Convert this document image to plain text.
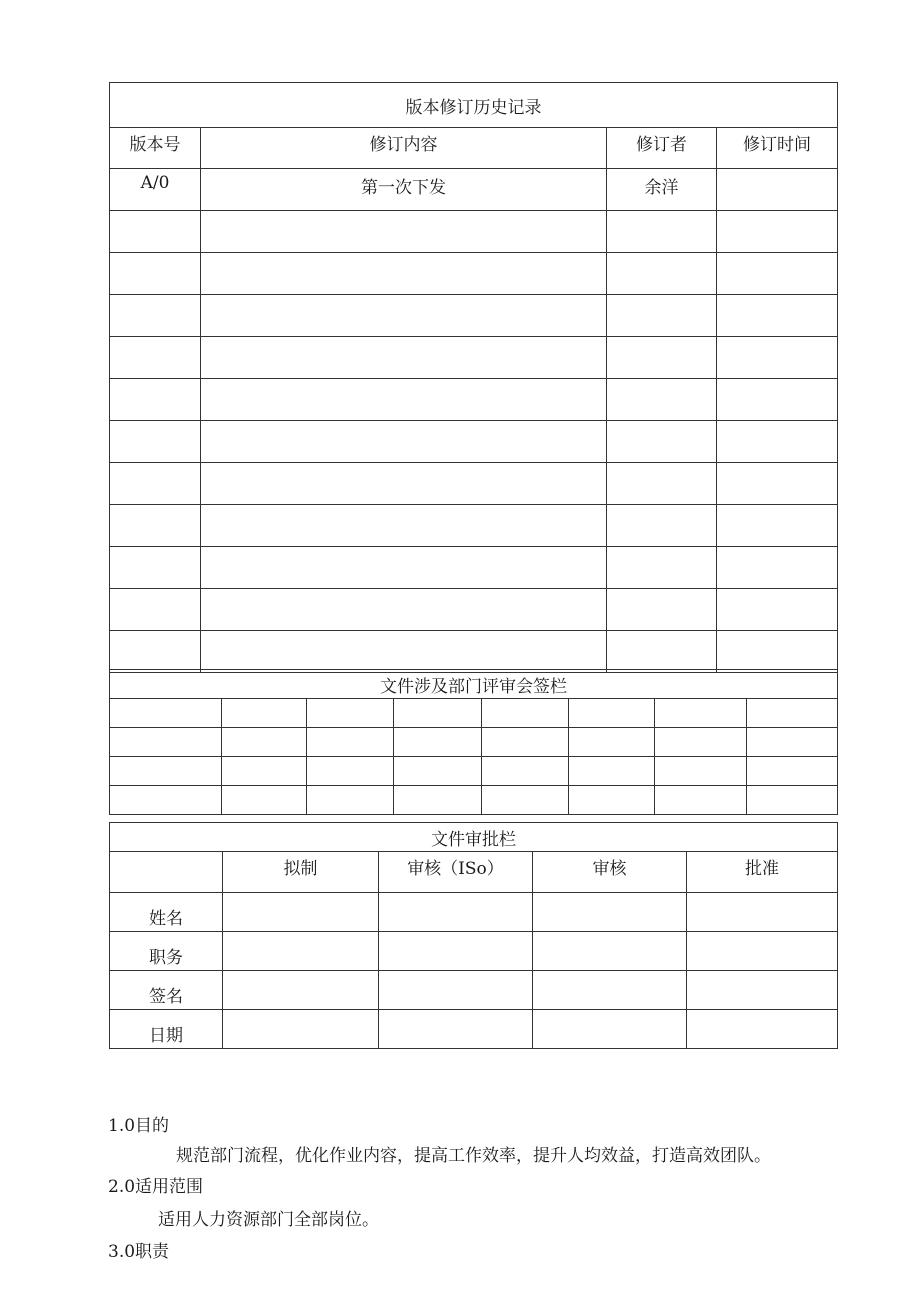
版本修订历史记录			
版本号	修订内容	修订者	修订时间
A/0	第一次下发	余洋	

文件涉及部门评审会签栏							

文件审批栏				
	拟制	审核（ISo）	审核	批准
姓名				
职务				
签名				
日期				
1.0目的
规范部门流程，优化作业内容，提高工作效率，提升人均效益，打造高效团队。
2.0适用范围
适用人力资源部门全部岗位。
3.0职责
